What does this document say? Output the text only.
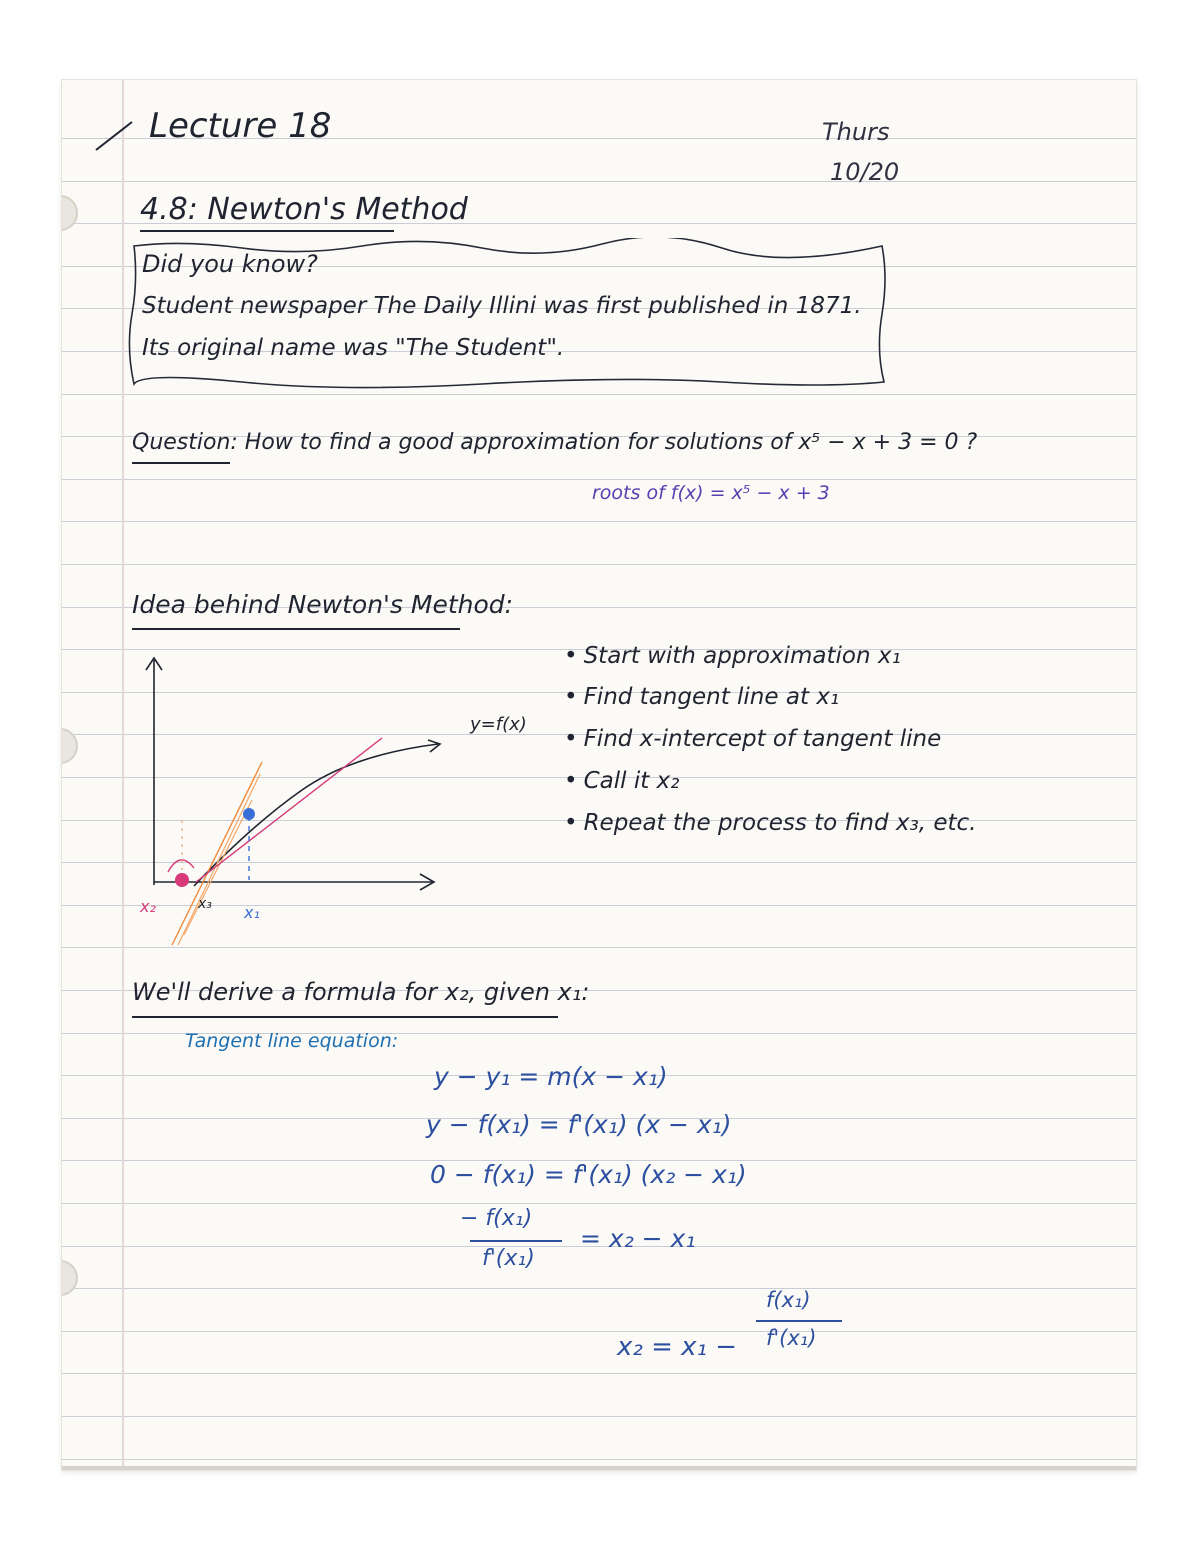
Lecture 18	Thurs
10/20
4.8: Newton's Method
Did you know?
Student newspaper The Daily Illini was first published in 1871.
Its original name was "The Student".
Question: How to find a good approximation for solutions of x⁵ − x + 3 = 0 ?
roots of f(x) = x⁵ − x + 3
Idea behind Newton's Method:
y=f(x)
x₁
x₂	x₃
• Start with approximation x₁
• Find tangent line at x₁
• Find x-intercept of tangent line
• Call it x₂
• Repeat the process to find x₃, etc.
We'll derive a formula for x₂, given x₁:
Tangent line equation:
y − y₁ = m(x − x₁)
y − f(x₁) = f'(x₁) (x − x₁)
0 − f(x₁) = f'(x₁) (x₂ − x₁)
− f(x₁)
f'(x₁)
= x₂ − x₁
x₂ = x₁ −
f(x₁)
f'(x₁)
